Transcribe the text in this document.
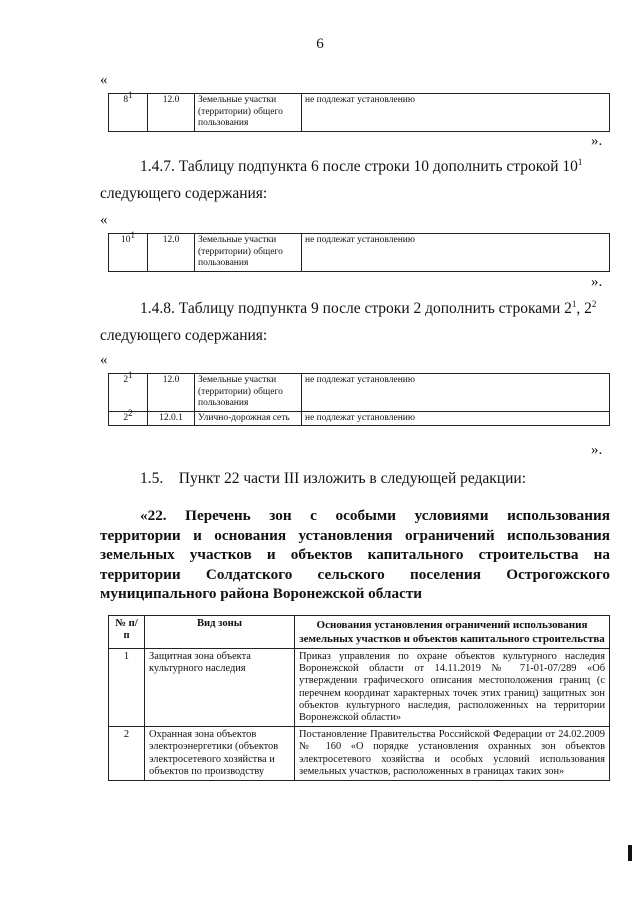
6
«
$8^1$	12.0	Земельные участки (территории) общего пользования	не подлежат установлению
».
1.4.7. Таблицу подпункта 6 после строки 10 дополнить строкой $10^1$
следующего содержания:
«
$10^1$	12.0	Земельные участки (территории) общего пользования	не подлежат установлению
».
1.4.8. Таблицу подпункта 9 после строки 2 дополнить строками $2^1$, $2^2$
следующего содержания:
«
$2^1$	12.0	Земельные участки (территории) общего пользования	не подлежат установлению
$2^2$	12.0.1	Улично-дорожная сеть	не подлежат установлению
».
1.5.    Пункт 22 части III изложить в следующей редакции:
«22. Перечень зон с особыми условиями использования
территории и основания установления ограничений использования
земельных участков и объектов капитального строительства на
территории Солдатского сельского поселения Острогожского
муниципального района Воронежской области
№ п/п	Вид зоны	Основания установления ограничений использования земельных участков и объектов капитального строительства
1	Защитная зона объекта культурного наследия	Приказ управления по охране объектов культурного наследия Воронежской области от 14.11.2019 № 71-01-07/289 «Об утверждении графического описания местоположения границ (с перечнем координат характерных точек этих границ) защитных зон объектов культурного наследия, расположенных на территории Воронежской области»
2	Охранная зона объектов электроэнергетики (объектов электросетевого хозяйства и объектов по производству	Постановление Правительства Российской Федерации от 24.02.2009 № 160 «О порядке установления охранных зон объектов электросетевого хозяйства и особых условий использования земельных участков, расположенных в границах таких зон»
